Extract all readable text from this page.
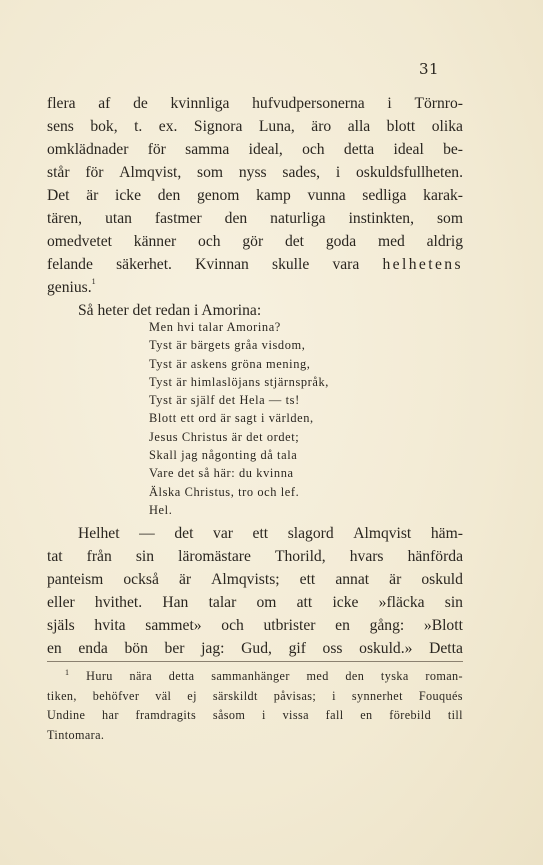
31
flera af de kvinnliga hufvudpersonerna i Törnro-
sens bok, t. ex. Signora Luna, äro alla blott olika
omklädnader för samma ideal, och detta ideal be-
står för Almqvist, som nyss sades, i oskuldsfullheten.
Det är icke den genom kamp vunna sedliga karak-
tären, utan fastmer den naturliga instinkten, som
omedvetet känner och gör det goda med aldrig
felande säkerhet. Kvinnan skulle vara helhetens
genius.$^1$
Så heter det redan i Amorina:
Men hvi talar Amorina?
Tyst är bärgets gråa visdom,
Tyst är askens gröna mening,
Tyst är himlaslöjans stjärnspråk,
Tyst är själf det Hela — ts!
Blott ett ord är sagt i världen,
Jesus Christus är det ordet;
Skall jag någonting då tala
Vare det så här: du kvinna
Älska Christus, tro och lef.
Hel.
Helhet — det var ett slagord Almqvist häm-
tat från sin läromästare Thorild, hvars hänförda
panteism också är Almqvists; ett annat är oskuld
eller hvithet. Han talar om att icke »fläcka sin
själs hvita sammet» och utbrister en gång: »Blott
en enda bön ber jag: Gud, gif oss oskuld.» Detta
$^1$ Huru nära detta sammanhänger med den tyska roman-
tiken, behöfver väl ej särskildt påvisas; i synnerhet Fouqués
Undine har framdragits såsom i vissa fall en förebild till
Tintomara.
